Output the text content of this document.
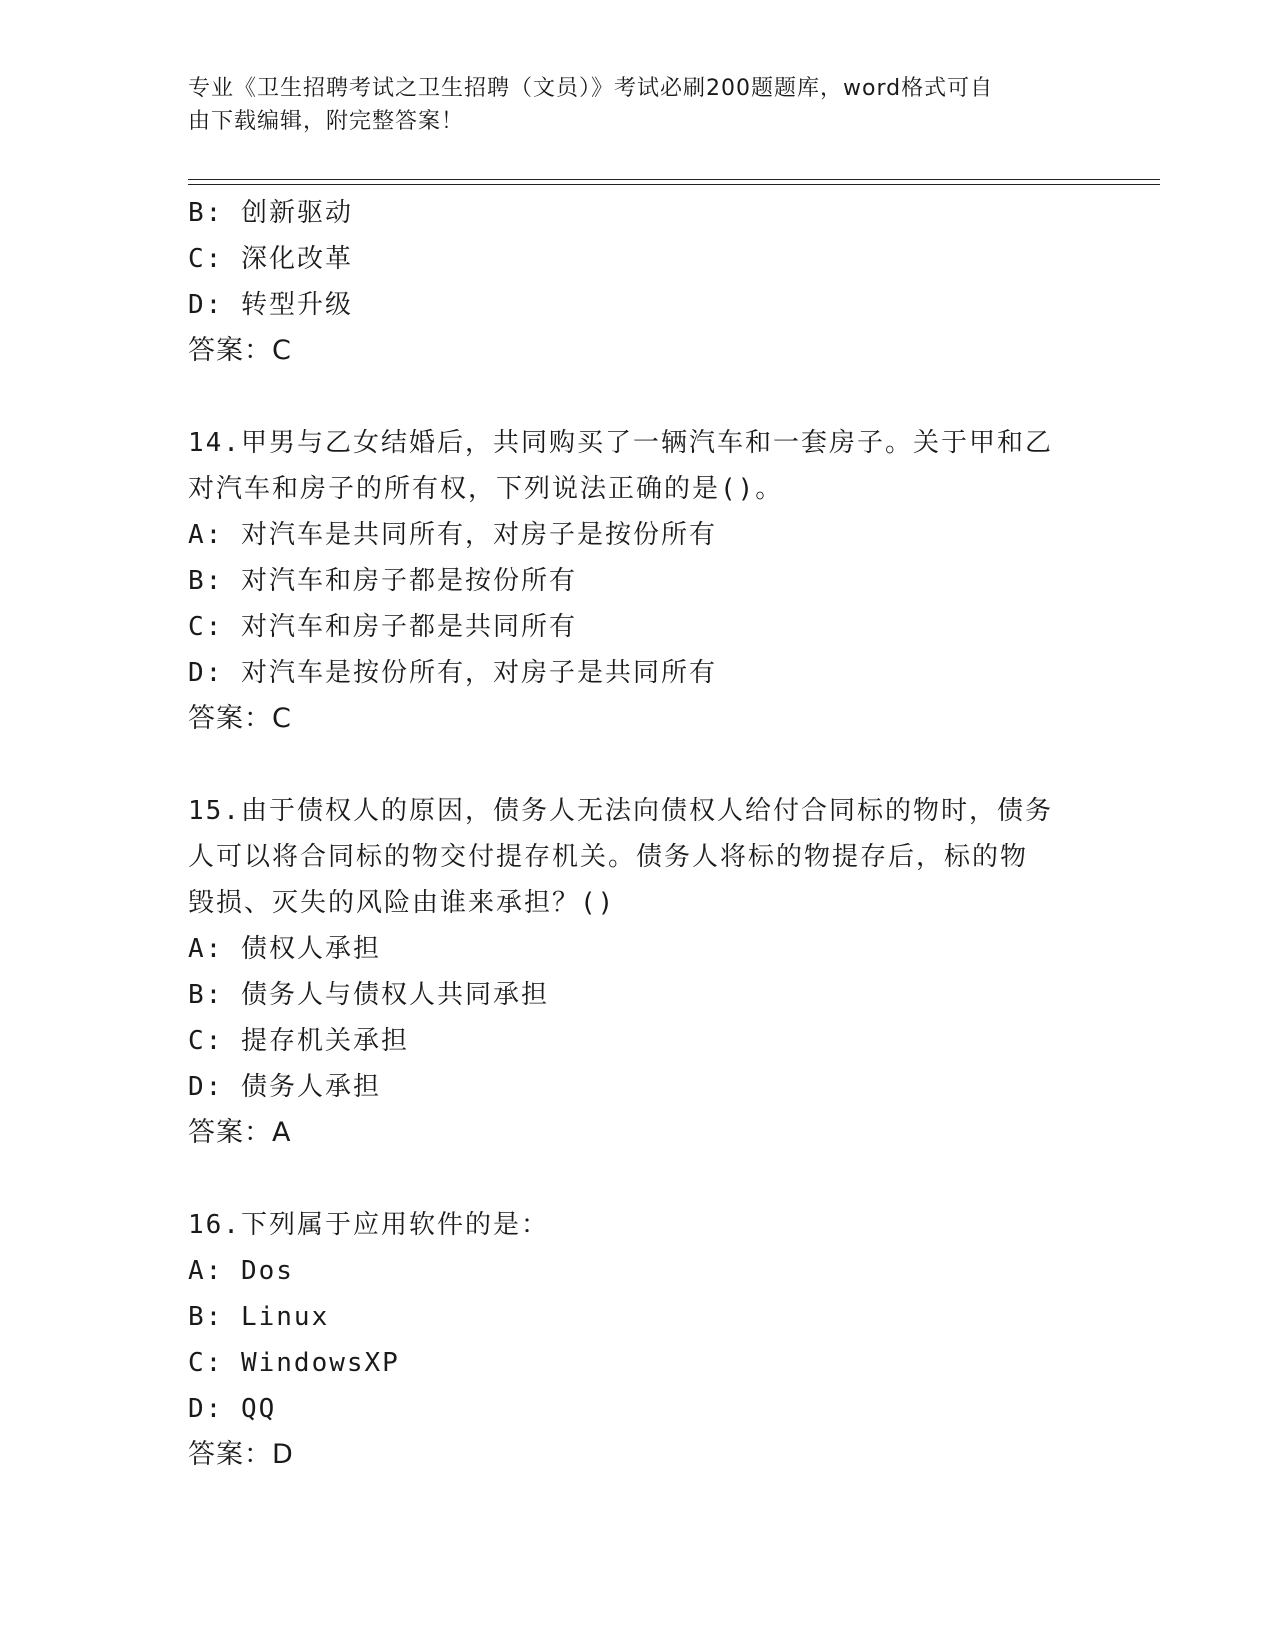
专业《卫生招聘考试之卫生招聘（文员）》考试必刷200题题库，word格式可自
由下载编辑，附完整答案！
B: 创新驱动
C: 深化改革
D: 转型升级
答案：C
14.甲男与乙女结婚后，共同购买了一辆汽车和一套房子。关于甲和乙
对汽车和房子的所有权，下列说法正确的是()。
A: 对汽车是共同所有，对房子是按份所有
B: 对汽车和房子都是按份所有
C: 对汽车和房子都是共同所有
D: 对汽车是按份所有，对房子是共同所有
答案：C
15.由于债权人的原因，债务人无法向债权人给付合同标的物时，债务
人可以将合同标的物交付提存机关。债务人将标的物提存后，标的物
毁损、灭失的风险由谁来承担？()
A: 债权人承担
B: 债务人与债权人共同承担
C: 提存机关承担
D: 债务人承担
答案：A
16.下列属于应用软件的是：
A: Dos
B: Linux
C: WindowsXP
D: QQ
答案：D
